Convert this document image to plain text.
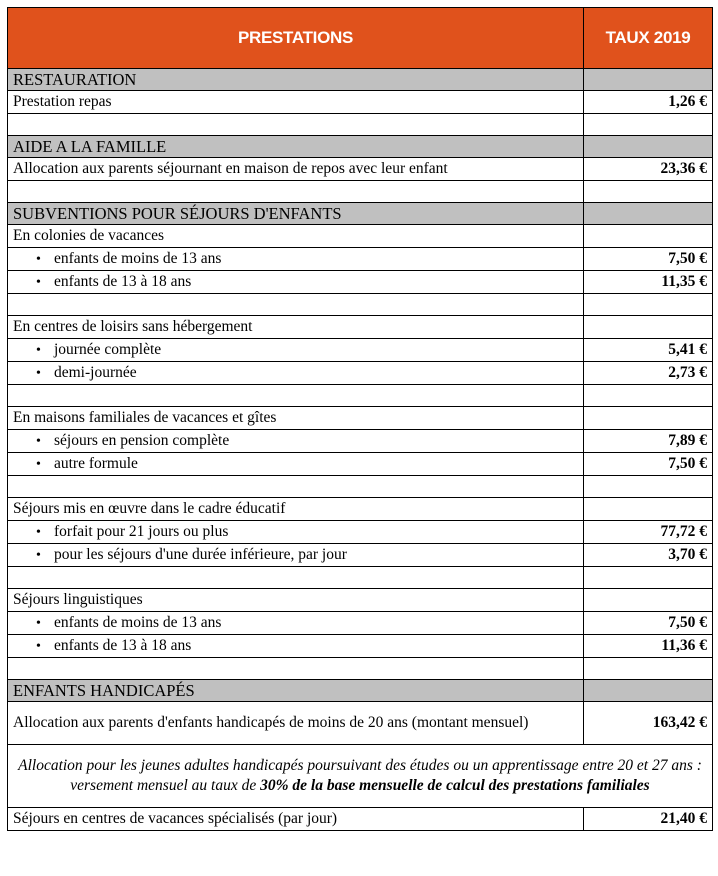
PRESTATIONS	TAUX 2019
RESTAURATION	
Prestation repas	1,26 €

AIDE A LA FAMILLE	
Allocation aux parents séjournant en maison de repos avec leur enfant	23,36 €

SUBVENTIONS POUR SÉJOURS D'ENFANTS	
En colonies de vacances	
• enfants de moins de 13 ans	7,50 €
• enfants de 13 à 18 ans	11,35 €

En centres de loisirs sans hébergement	
• journée complète	5,41 €
• demi-journée	2,73 €

En maisons familiales de vacances et gîtes	
• séjours en pension complète	7,89 €
• autre formule	7,50 €

Séjours mis en œuvre dans le cadre éducatif	
• forfait pour 21 jours ou plus	77,72 €
• pour les séjours d'une durée inférieure, par jour	3,70 €

Séjours linguistiques	
• enfants de moins de 13 ans	7,50 €
• enfants de 13 à 18 ans	11,36 €

ENFANTS HANDICAPÉS	
Allocation aux parents d'enfants handicapés de moins de 20 ans (montant mensuel)	163,42 €
Allocation pour les jeunes adultes handicapés poursuivant des études ou un apprentissage entre 20 et 27 ans : versement mensuel au taux de 30% de la base mensuelle de calcul des prestations familiales	
Séjours en centres de vacances spécialisés (par jour)	21,40 €
